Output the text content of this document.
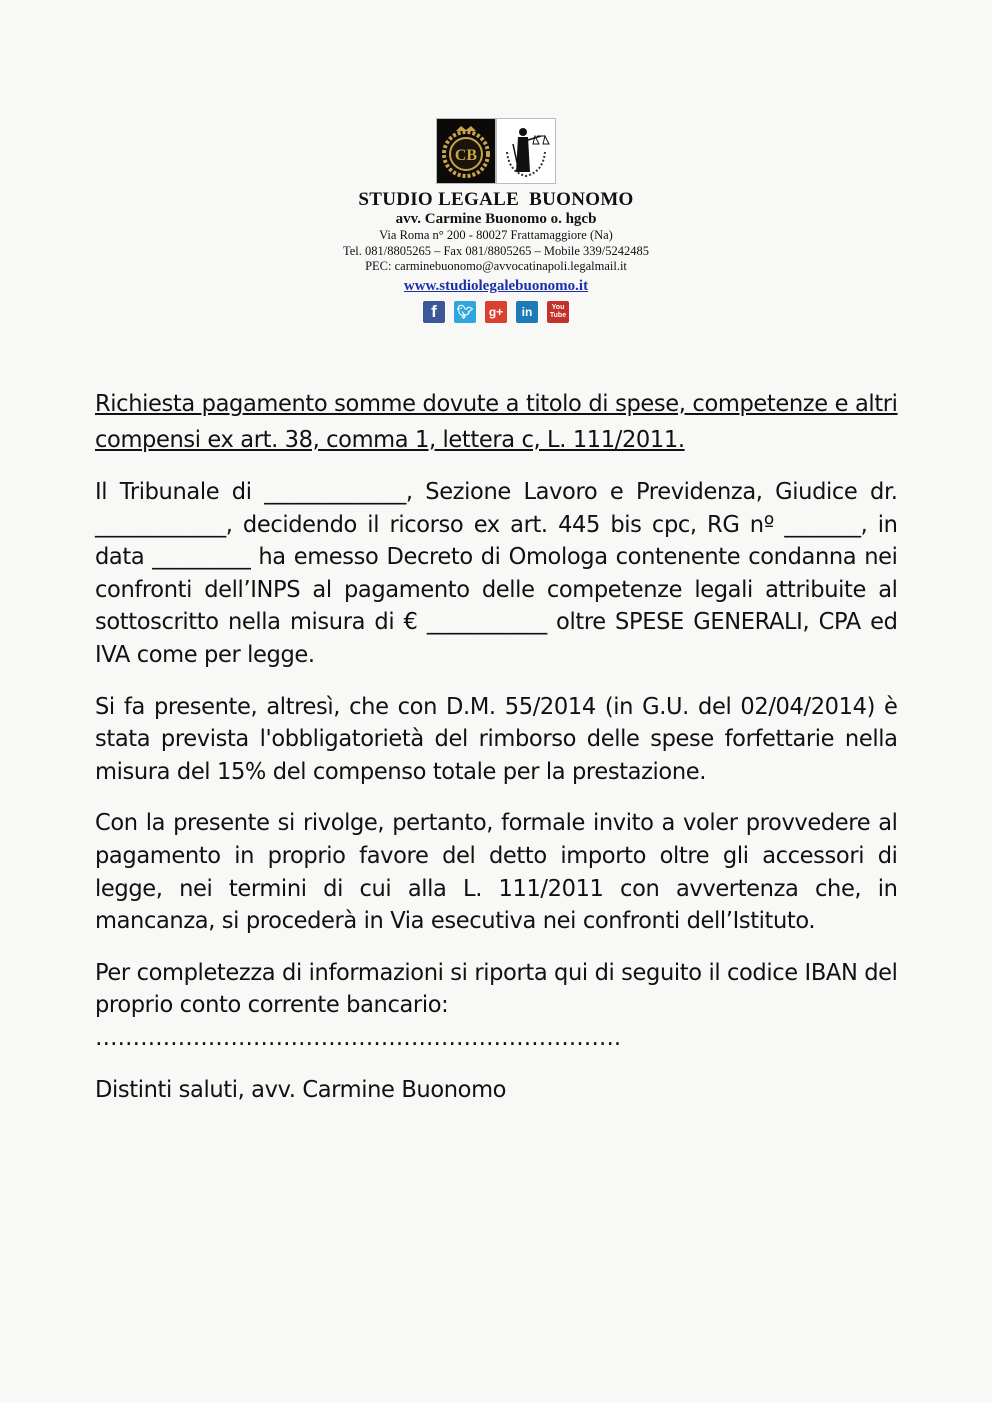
CB
STUDIO LEGALE  BUONOMO
avv. Carmine Buonomo o. hgcb
Via Roma n° 200 - 80027 Frattamaggiore (Na)
Tel. 081/8805265 – Fax 081/8805265 – Mobile 339/5242485
PEC: carminebuonomo@avvocatinapoli.legalmail.it
www.studiolegalebuonomo.it
f	🐦︎	g+	in	You
Tube

Richiesta pagamento somme dovute a titolo di spese, competenze e altri compensi ex art. 38, comma 1, lettera c, L. 111/2011.

Il Tribunale di _____________, Sezione Lavoro e Previdenza, Giudice dr. ____________, decidendo il ricorso ex art. 445 bis cpc, RG nº _______, in data _________ ha emesso Decreto di Omologa contenente condanna nei confronti dell’INPS al pagamento delle competenze legali attribuite al sottoscritto nella misura di € ___________ oltre SPESE GENERALI, CPA ed IVA come per legge.

Si fa presente, altresì, che con D.M. 55/2014 (in G.U. del 02/04/2014) è stata prevista l'obbligatorietà del rimborso delle spese forfettarie nella misura del 15% del compenso totale per la prestazione.

Con la presente si rivolge, pertanto, formale invito a voler provvedere al pagamento in proprio favore del detto importo oltre gli accessori di legge, nei termini di cui alla L. 111/2011 con avvertenza che, in mancanza, si procederà in Via esecutiva nei confronti dell’Istituto.

Per completezza di informazioni si riporta qui di seguito il codice IBAN del proprio conto corrente bancario:

…………………………………………………………….

Distinti saluti, avv. Carmine Buonomo
